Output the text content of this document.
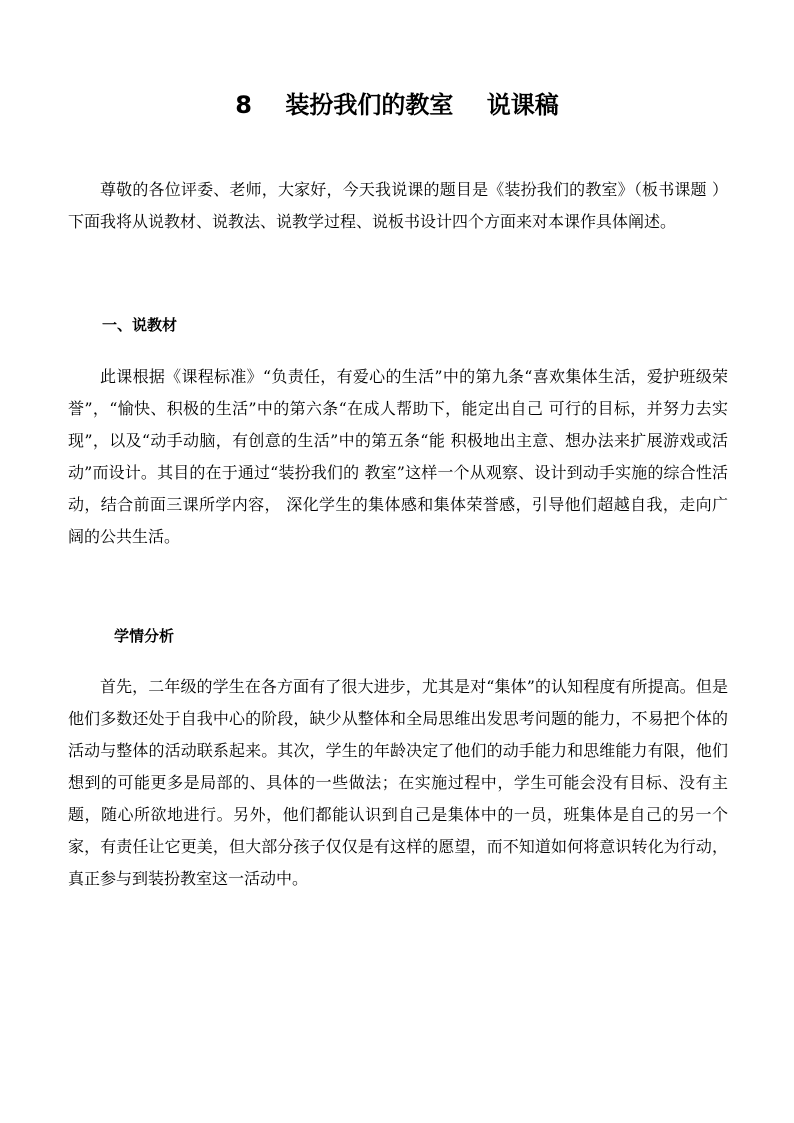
8    装扮我们的教室    说课稿

尊敬的各位评委、老师，大家好，今天我说课的题目是《装扮我们的教室》（板书课题 ）下面我将从说教材、说教法、说教学过程、说板书设计四个方面来对本课作具体阐述。

一、说教材

此课根据《课程标准》“负责任，有爱心的生活”中的第九条“喜欢集体生活，爱护班级荣誉”，“愉快、积极的生活”中的第六条“在成人帮助下，能定出自己 可行的目标，并努力去实现”，以及“动手动脑，有创意的生活”中的第五条“能 积极地出主意、想办法来扩展游戏或活动”而设计。其目的在于通过“装扮我们的 教室”这样一个从观察、设计到动手实施的综合性活动，结合前面三课所学内容， 深化学生的集体感和集体荣誉感，引导他们超越自我，走向广阔的公共生活。

学情分析

首先，二年级的学生在各方面有了很大进步，尤其是对“集体”的认知程度有所提高。但是他们多数还处于自我中心的阶段，缺少从整体和全局思维出发思考问题的能力，不易把个体的活动与整体的活动联系起来。其次，学生的年龄决定了他们的动手能力和思维能力有限，他们想到的可能更多是局部的、具体的一些做法；在实施过程中，学生可能会没有目标、没有主题，随心所欲地进行。另外，他们都能认识到自己是集体中的一员，班集体是自己的另一个家，有责任让它更美，但大部分孩子仅仅是有这样的愿望，而不知道如何将意识转化为行动，真正参与到装扮教室这一活动中。
